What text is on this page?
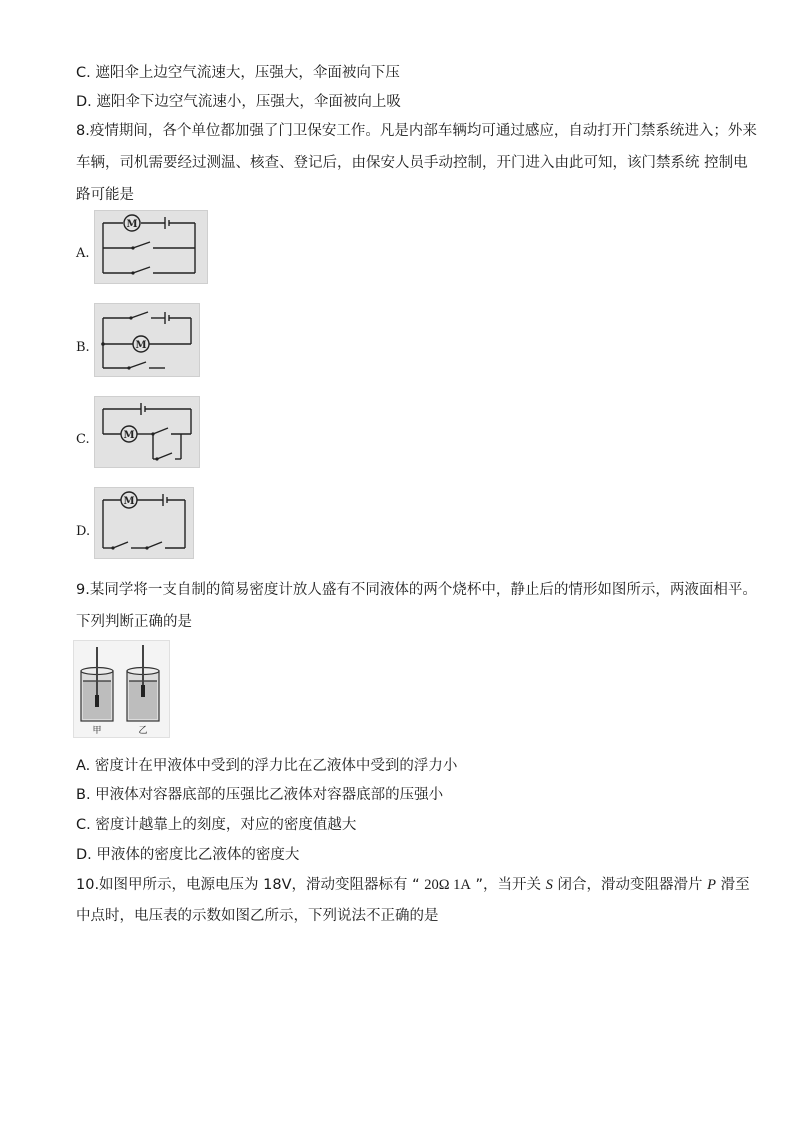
C. 遮阳伞上边空气流速大，压强大，伞面被向下压
D. 遮阳伞下边空气流速小，压强大，伞面被向上吸
8.疫情期间，各个单位都加强了门卫保安工作。凡是内部车辆均可通过感应，自动打开门禁系统进入；外来
车辆，司机需要经过测温、核查、登记后，由保安人员手动控制，开门进入由此可知，该门禁系统 控制电
路可能是
A.
M
B.	M
C.	M
D.
M
9.某同学将一支自制的简易密度计放人盛有不同液体的两个烧杯中，静止后的情形如图所示，两液面相平。
下列判断正确的是
甲	乙
A. 密度计在甲液体中受到的浮力比在乙液体中受到的浮力小
B. 甲液体对容器底部的压强比乙液体对容器底部的压强小
C. 密度计越靠上的刻度，对应的密度值越大
D. 甲液体的密度比乙液体的密度大
10.如图甲所示，电源电压为 18V，滑动变阻器标有 “ 20Ω 1A ”，当开关 S 闭合，滑动变阻器滑片 P 滑至
中点时，电压表的示数如图乙所示，下列说法不正确的是
